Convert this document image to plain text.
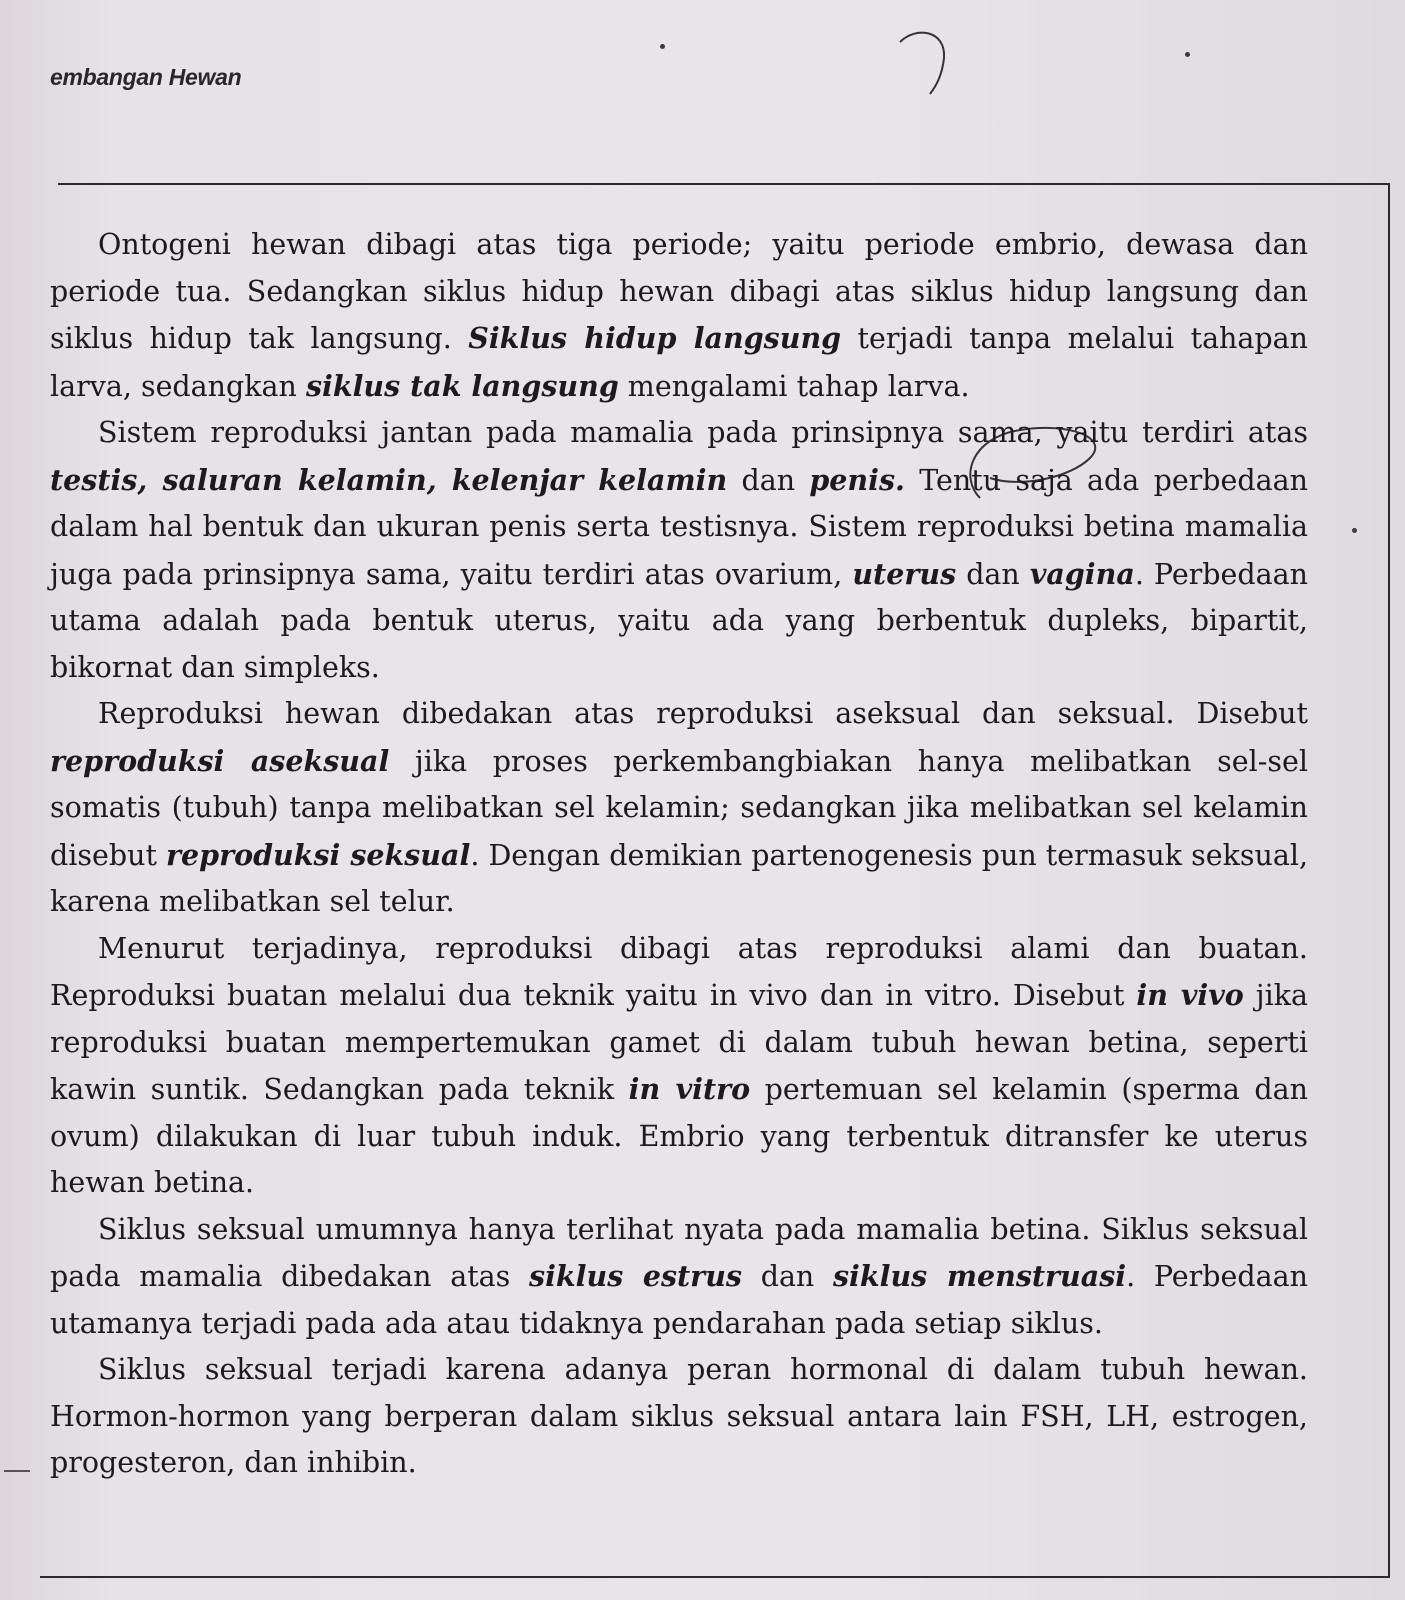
embangan Hewan

Ontogeni hewan dibagi atas tiga periode; yaitu periode embrio, dewasa dan periode tua. Sedangkan siklus hidup hewan dibagi atas siklus hidup langsung dan siklus hidup tak langsung. Siklus hidup langsung terjadi tanpa melalui tahapan larva, sedangkan siklus tak langsung mengalami tahap larva.

Sistem reproduksi jantan pada mamalia pada prinsipnya sama, yaitu terdiri atas testis, saluran kelamin, kelenjar kelamin dan penis. Tentu saja ada perbedaan dalam hal bentuk dan ukuran penis serta testisnya. Sistem reproduksi betina mamalia juga pada prinsipnya sama, yaitu terdiri atas ovarium, uterus dan vagina. Perbedaan utama adalah pada bentuk uterus, yaitu ada yang berbentuk dupleks, bipartit, bikornat dan simpleks.

Reproduksi hewan dibedakan atas reproduksi aseksual dan seksual. Disebut reproduksi aseksual jika proses perkembangbiakan hanya melibatkan sel-sel somatis (tubuh) tanpa melibatkan sel kelamin; sedangkan jika melibatkan sel kelamin disebut reproduksi seksual. Dengan demikian partenogenesis pun termasuk seksual, karena melibatkan sel telur.

Menurut terjadinya, reproduksi dibagi atas reproduksi alami dan buatan. Reproduksi buatan melalui dua teknik yaitu in vivo dan in vitro. Disebut in vivo jika reproduksi buatan mempertemukan gamet di dalam tubuh hewan betina, seperti kawin suntik. Sedangkan pada teknik in vitro pertemuan sel kelamin (sperma dan ovum) dilakukan di luar tubuh induk. Embrio yang terbentuk ditransfer ke uterus hewan betina.

Siklus seksual umumnya hanya terlihat nyata pada mamalia betina. Siklus seksual pada mamalia dibedakan atas siklus estrus dan siklus menstruasi. Perbedaan utamanya terjadi pada ada atau tidaknya pendarahan pada setiap siklus.

Siklus seksual terjadi karena adanya peran hormonal di dalam tubuh hewan. Hormon-hormon yang berperan dalam siklus seksual antara lain FSH, LH, estrogen, progesteron, dan inhibin.
